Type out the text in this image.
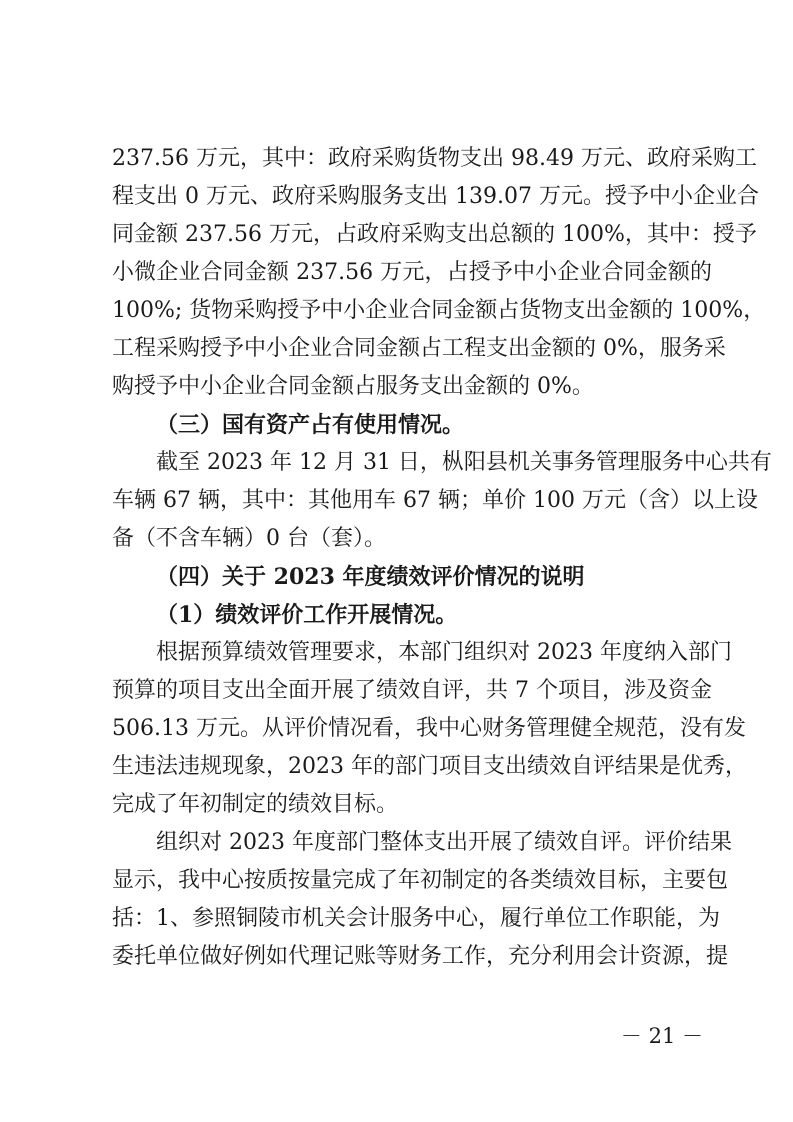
237.56 万元，其中：政府采购货物支出 98.49 万元、政府采购工
程支出 0 万元、政府采购服务支出 139.07 万元。授予中小企业合
同金额 237.56 万元，占政府采购支出总额的 100%，其中：授予
小微企业合同金额 237.56 万元，占授予中小企业合同金额的
100%; 货物采购授予中小企业合同金额占货物支出金额的 100%，
工程采购授予中小企业合同金额占工程支出金额的 0%，服务采
购授予中小企业合同金额占服务支出金额的 0%。
（三）国有资产占有使用情况。
截至 2023 年 12 月 31 日，枞阳县机关事务管理服务中心共有
车辆 67 辆，其中：其他用车 67 辆；单价 100 万元（含）以上设
备（不含车辆）0 台（套）。
（四）关于 2023 年度绩效评价情况的说明
（1）绩效评价工作开展情况。
根据预算绩效管理要求，本部门组织对 2023 年度纳入部门
预算的项目支出全面开展了绩效自评，共 7 个项目，涉及资金
506.13 万元。从评价情况看，我中心财务管理健全规范，没有发
生违法违规现象，2023 年的部门项目支出绩效自评结果是优秀，
完成了年初制定的绩效目标。
组织对 2023 年度部门整体支出开展了绩效自评。评价结果
显示，我中心按质按量完成了年初制定的各类绩效目标，主要包
括：1、参照铜陵市机关会计服务中心，履行单位工作职能，为
委托单位做好例如代理记账等财务工作，充分利用会计资源，提
－ 21 －
